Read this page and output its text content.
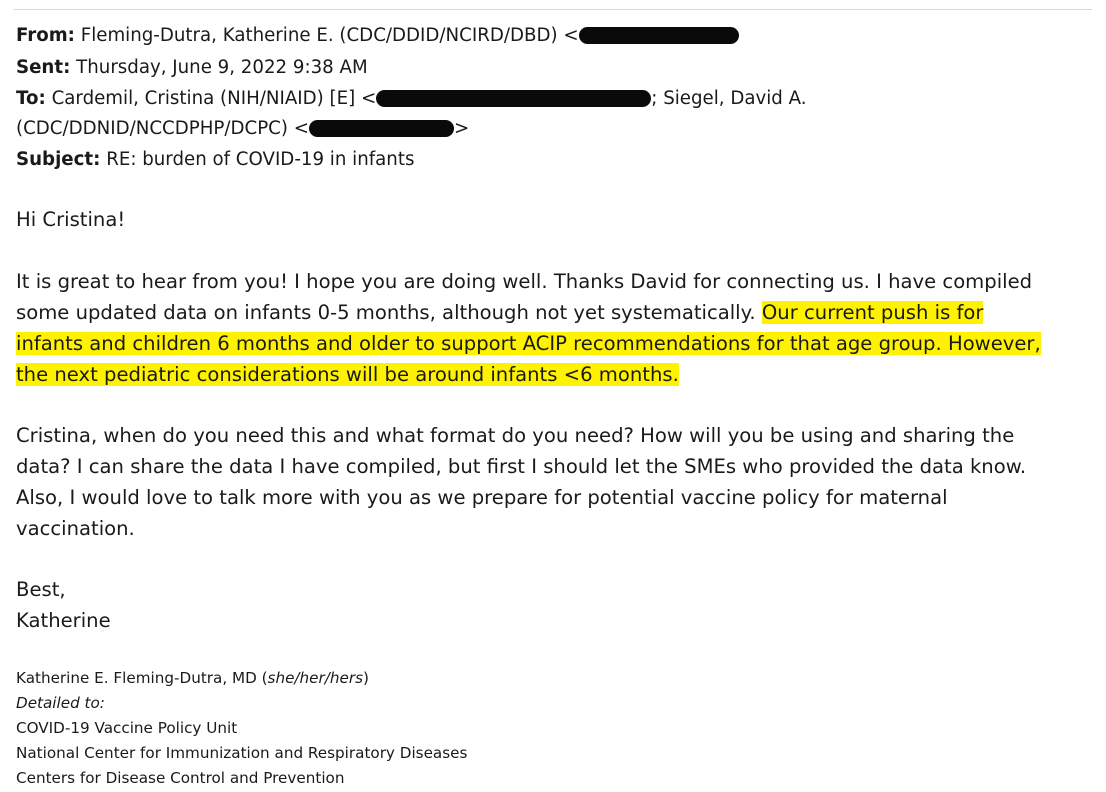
From: Fleming-Dutra, Katherine E. (CDC/DDID/NCIRD/DBD) <
Sent: Thursday, June 9, 2022 9:38 AM
To: Cardemil, Cristina (NIH/NIAID) [E] <	; Siegel, David A.
(CDC/DDNID/NCCDPHP/DCPC) <	>
Subject: RE: burden of COVID-19 in infants
Hi Cristina!
It is great to hear from you! I hope you are doing well. Thanks David for connecting us. I have compiled
some updated data on infants 0-5 months, although not yet systematically. Our current push is for
infants and children 6 months and older to support ACIP recommendations for that age group. However,
the next pediatric considerations will be around infants <6 months.
Cristina, when do you need this and what format do you need? How will you be using and sharing the
data? I can share the data I have compiled, but first I should let the SMEs who provided the data know.
Also, I would love to talk more with you as we prepare for potential vaccine policy for maternal
vaccination.
Best,
Katherine
Katherine E. Fleming-Dutra, MD (she/her/hers)
Detailed to:
COVID-19 Vaccine Policy Unit
National Center for Immunization and Respiratory Diseases
Centers for Disease Control and Prevention
